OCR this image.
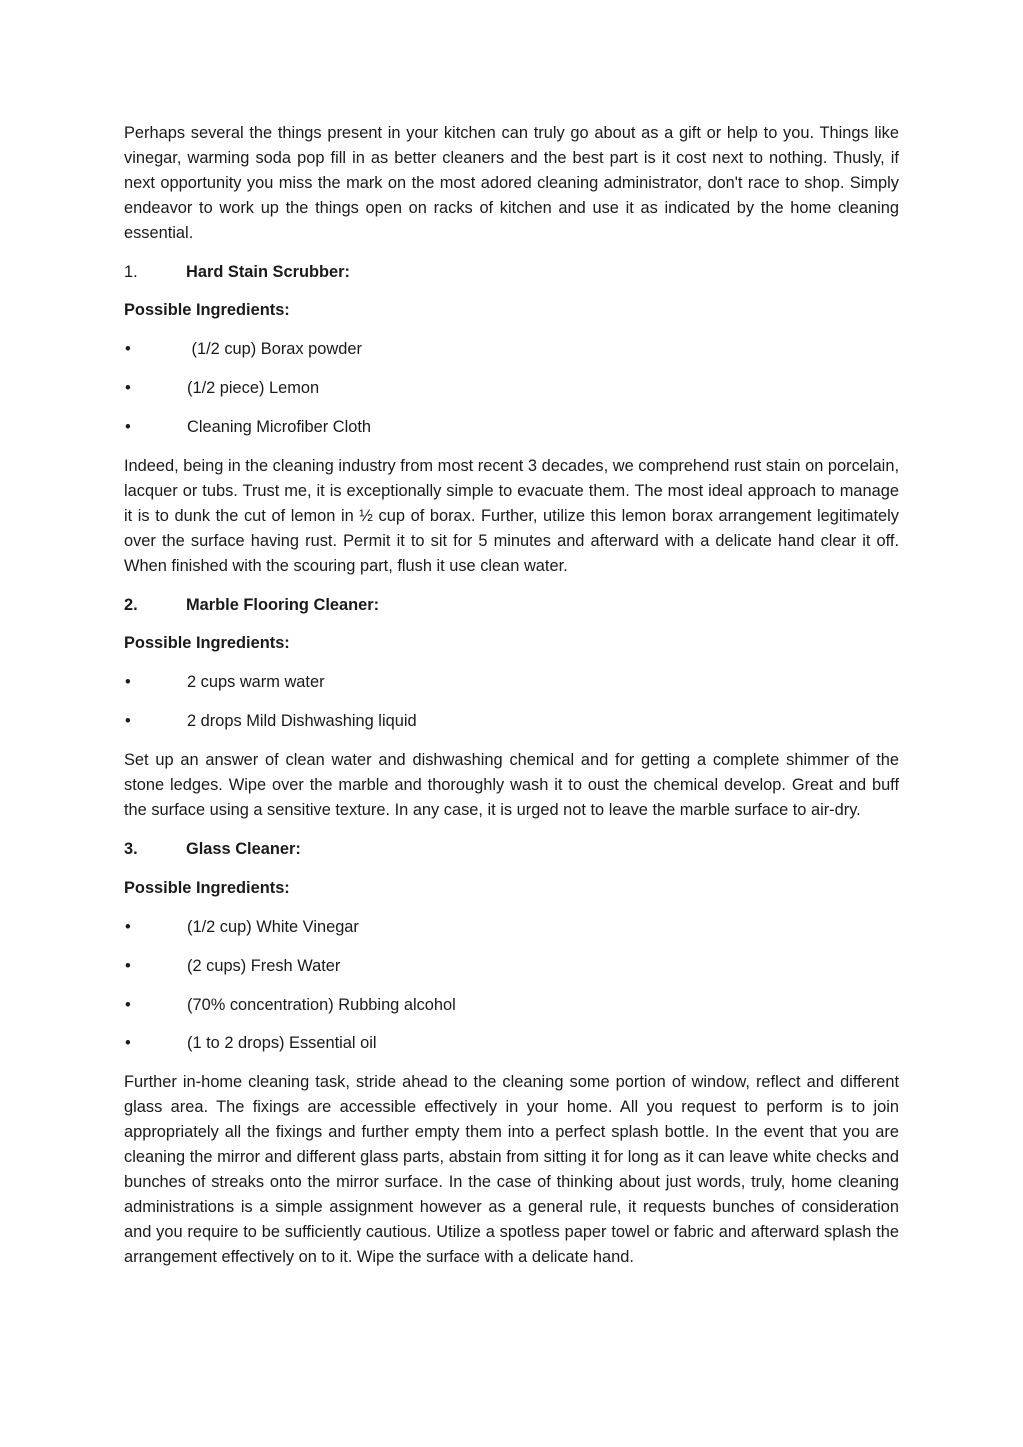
Perhaps several the things present in your kitchen can truly go about as a gift or help to you. Things like vinegar, warming soda pop fill in as better cleaners and the best part is it cost next to nothing. Thusly, if next opportunity you miss the mark on the most adored cleaning administrator, don't race to shop. Simply endeavor to work up the things open on racks of kitchen and use it as indicated by the home cleaning essential.

1.	Hard Stain Scrubber:
Possible Ingredients:
•	(1/2 cup) Borax powder
•	(1/2 piece) Lemon
•	Cleaning Microfiber Cloth

Indeed, being in the cleaning industry from most recent 3 decades, we comprehend rust stain on porcelain, lacquer or tubs. Trust me, it is exceptionally simple to evacuate them. The most ideal approach to manage it is to dunk the cut of lemon in ½ cup of borax. Further, utilize this lemon borax arrangement legitimately over the surface having rust. Permit it to sit for 5 minutes and afterward with a delicate hand clear it off. When finished with the scouring part, flush it use clean water.

2.	Marble Flooring Cleaner:
Possible Ingredients:
•	2 cups warm water
•	2 drops Mild Dishwashing liquid

Set up an answer of clean water and dishwashing chemical and for getting a complete shimmer of the stone ledges. Wipe over the marble and thoroughly wash it to oust the chemical develop. Great and buff the surface using a sensitive texture. In any case, it is urged not to leave the marble surface to air-dry.

3.	Glass Cleaner:
Possible Ingredients:
•	(1/2 cup) White Vinegar
•	(2 cups) Fresh Water
•	(70% concentration) Rubbing alcohol
•	(1 to 2 drops) Essential oil

Further in-home cleaning task, stride ahead to the cleaning some portion of window, reflect and different glass area. The fixings are accessible effectively in your home. All you request to perform is to join appropriately all the fixings and further empty them into a perfect splash bottle. In the event that you are cleaning the mirror and different glass parts, abstain from sitting it for long as it can leave white checks and bunches of streaks onto the mirror surface. In the case of thinking about just words, truly, home cleaning administrations is a simple assignment however as a general rule, it requests bunches of consideration and you require to be sufficiently cautious. Utilize a spotless paper towel or fabric and afterward splash the arrangement effectively on to it. Wipe the surface with a delicate hand.
